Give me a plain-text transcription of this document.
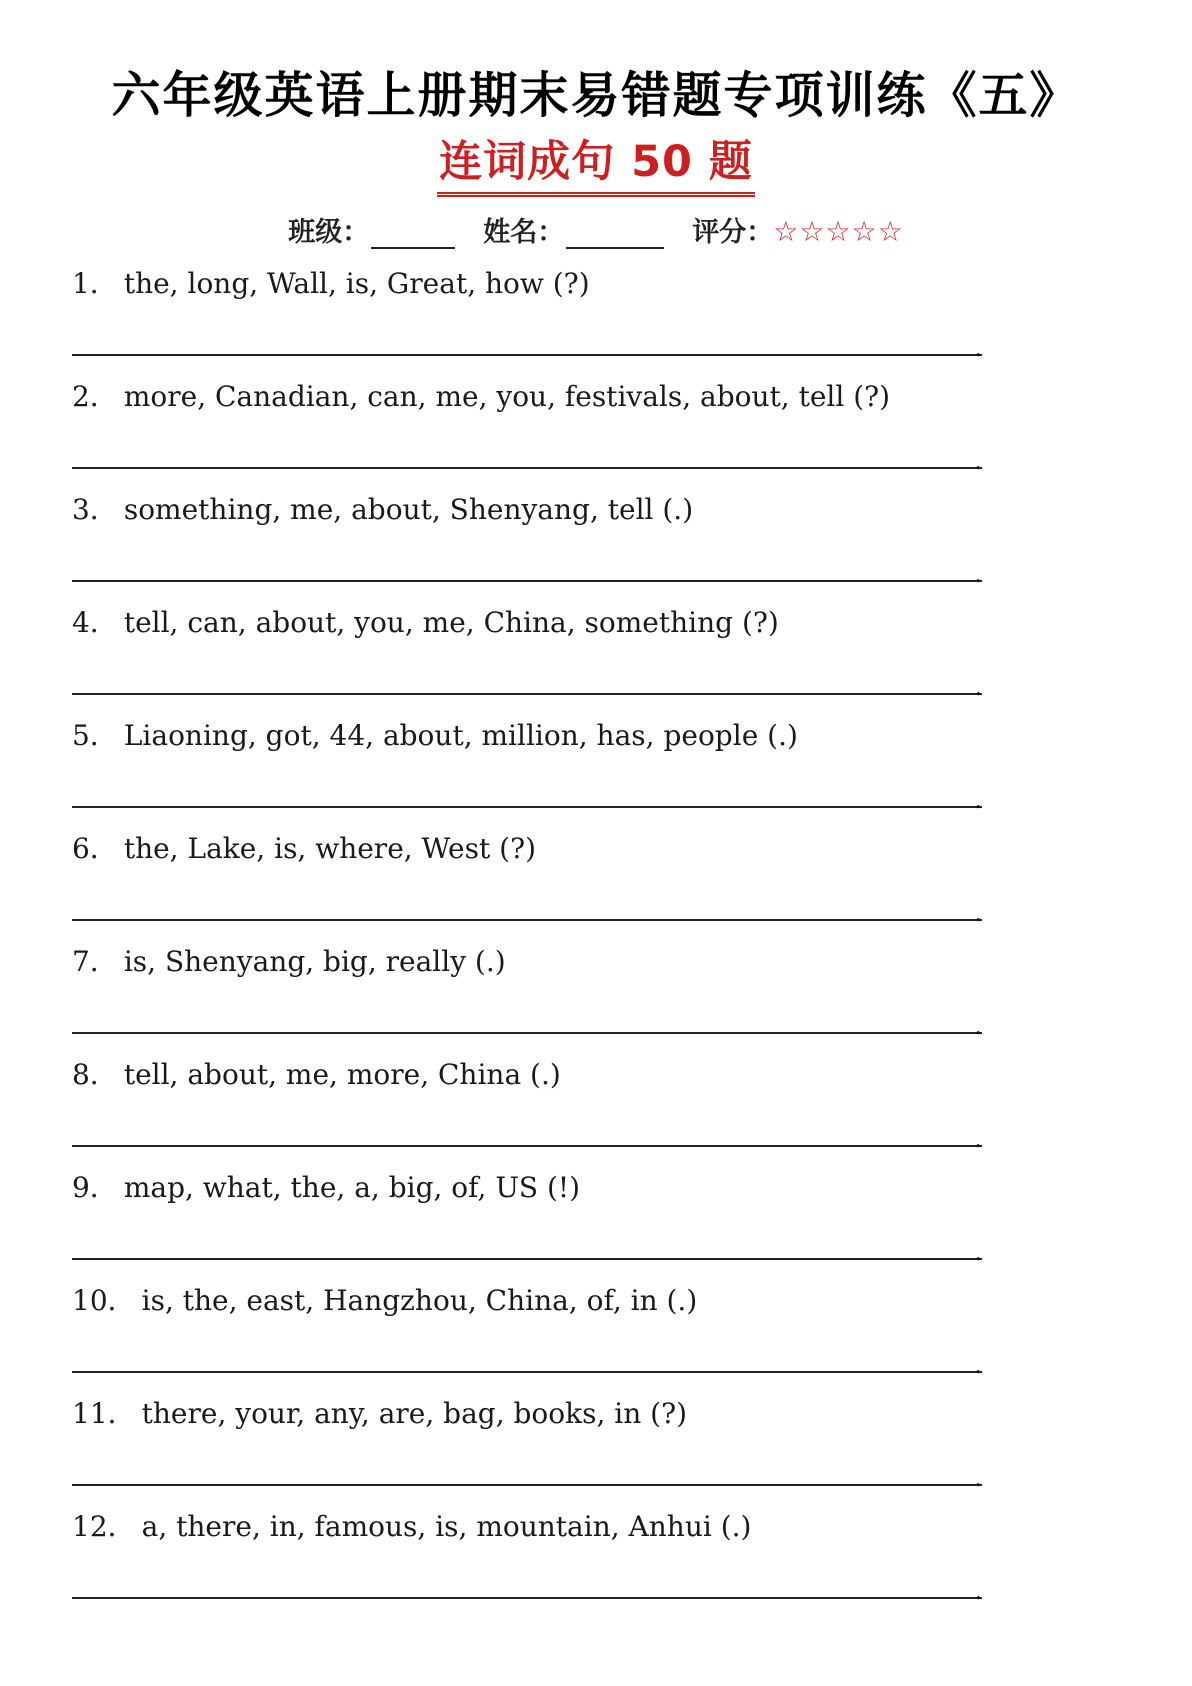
六年级英语上册期末易错题专项训练《五》
连词成句 50 题
班级：	姓名：	评分：☆☆☆☆☆
1． the, long, Wall, is, Great, how (?)
.
2． more, Canadian, can, me, you, festivals, about, tell (?)
.
3． something, me, about, Shenyang, tell (.)
.
4． tell, can, about, you, me, China, something (?)
.
5． Liaoning, got, 44, about, million, has, people (.)
.
6． the, Lake, is, where, West (?)
.
7． is, Shenyang, big, really (.)
.
8． tell, about, me, more, China (.)
.
9． map, what, the, a, big, of, US (!)
.
10． is, the, east, Hangzhou, China, of, in (.)
.
11． there, your, any, are, bag, books, in (?)
.
12． a, there, in, famous, is, mountain, Anhui (.)
.
